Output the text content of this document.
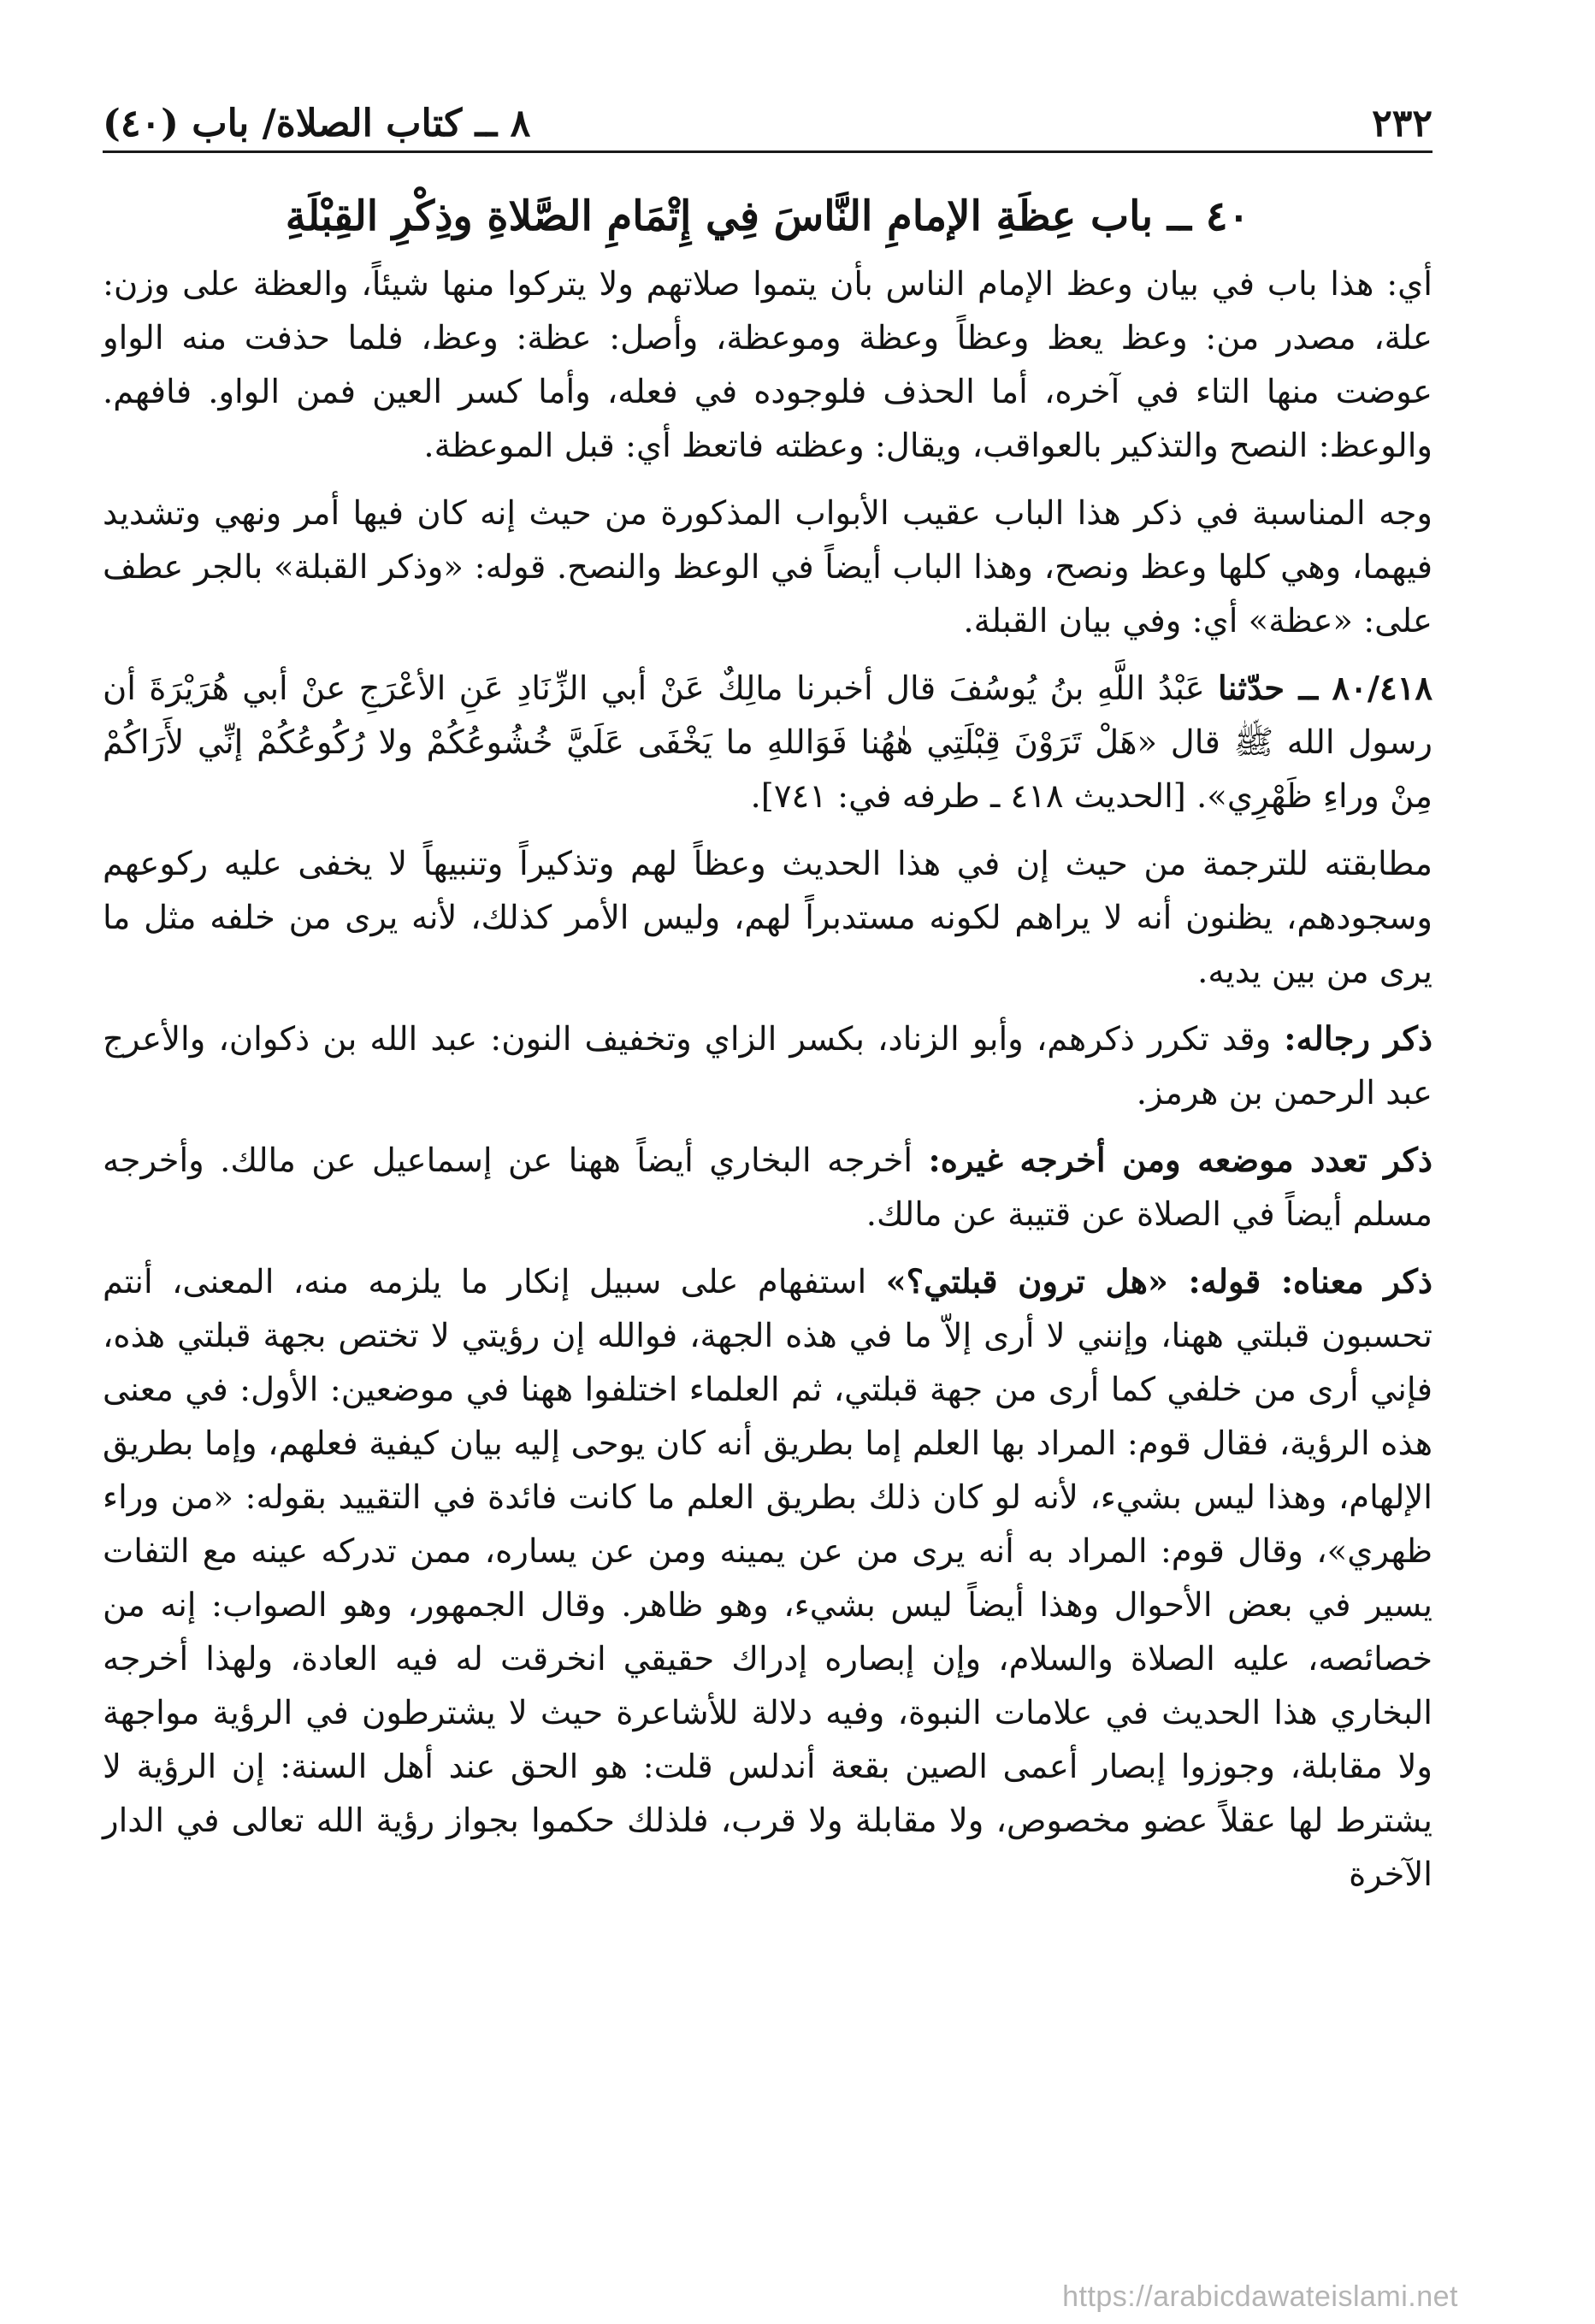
٢٣٢
٨ ــ كتاب الصلاة/ باب (٤٠)
٤٠ ــ باب عِظَةِ الإمامِ النَّاسَ فِي إِتْمَامِ الصَّلاةِ وذِكْرِ القِبْلَةِ

أي: هذا باب في بيان وعظ الإمام الناس بأن يتموا صلاتهم ولا يتركوا منها شيئاً، والعظة على وزن: علة، مصدر من: وعظ يعظ وعظاً وعظة وموعظة، وأصل: عظة: وعظ، فلما حذفت منه الواو عوضت منها التاء في آخره، أما الحذف فلوجوده في فعله، وأما كسر العين فمن الواو. فافهم. والوعظ: النصح والتذكير بالعواقب، ويقال: وعظته فاتعظ أي: قبل الموعظة.

وجه المناسبة في ذكر هذا الباب عقيب الأبواب المذكورة من حيث إنه كان فيها أمر ونهي وتشديد فيهما، وهي كلها وعظ ونصح، وهذا الباب أيضاً في الوعظ والنصح. قوله: «وذكر القبلة» بالجر عطف على: «عظة» أي: وفي بيان القبلة.

٨٠/٤١٨ ــ حدّثنا عَبْدُ اللَّهِ بنُ يُوسُفَ قال أخبرنا مالِكٌ عَنْ أبي الزِّنَادِ عَنِ الأعْرَجِ عنْ أبي هُرَيْرَةَ أن رسول الله ﷺ قال «هَلْ تَرَوْنَ قِبْلَتِي هٰهُنا فَوَاللهِ ما يَخْفَى عَلَيَّ خُشُوعُكُمْ ولا رُكُوعُكُمْ إنِّي لأَرَاكُمْ مِنْ وراءِ ظَهْرِي». [الحديث ٤١٨ ـ طرفه في: ٧٤١].

مطابقته للترجمة من حيث إن في هذا الحديث وعظاً لهم وتذكيراً وتنبيهاً لا يخفى عليه ركوعهم وسجودهم، يظنون أنه لا يراهم لكونه مستدبراً لهم، وليس الأمر كذلك، لأنه يرى من خلفه مثل ما يرى من بين يديه.

ذكر رجاله: وقد تكرر ذكرهم، وأبو الزناد، بكسر الزاي وتخفيف النون: عبد الله بن ذكوان، والأعرج عبد الرحمن بن هرمز.

ذكر تعدد موضعه ومن أخرجه غيره: أخرجه البخاري أيضاً ههنا عن إسماعيل عن مالك. وأخرجه مسلم أيضاً في الصلاة عن قتيبة عن مالك.

ذكر معناه: قوله: «هل ترون قبلتي؟» استفهام على سبيل إنكار ما يلزمه منه، المعنى، أنتم تحسبون قبلتي ههنا، وإنني لا أرى إلاّ ما في هذه الجهة، فوالله إن رؤيتي لا تختص بجهة قبلتي هذه، فإني أرى من خلفي كما أرى من جهة قبلتي، ثم العلماء اختلفوا ههنا في موضعين: الأول: في معنى هذه الرؤية، فقال قوم: المراد بها العلم إما بطريق أنه كان يوحى إليه بيان كيفية فعلهم، وإما بطريق الإلهام، وهذا ليس بشيء، لأنه لو كان ذلك بطريق العلم ما كانت فائدة في التقييد بقوله: «من وراء ظهري»، وقال قوم: المراد به أنه يرى من عن يمينه ومن عن يساره، ممن تدركه عينه مع التفات يسير في بعض الأحوال وهذا أيضاً ليس بشيء، وهو ظاهر. وقال الجمهور، وهو الصواب: إنه من خصائصه، عليه الصلاة والسلام، وإن إبصاره إدراك حقيقي انخرقت له فيه العادة، ولهذا أخرجه البخاري هذا الحديث في علامات النبوة، وفيه دلالة للأشاعرة حيث لا يشترطون في الرؤية مواجهة ولا مقابلة، وجوزوا إبصار أعمى الصين بقعة أندلس قلت: هو الحق عند أهل السنة: إن الرؤية لا يشترط لها عقلاً عضو مخصوص، ولا مقابلة ولا قرب، فلذلك حكموا بجواز رؤية الله تعالى في الدار الآخرة

https://arabicdawateislami.net
